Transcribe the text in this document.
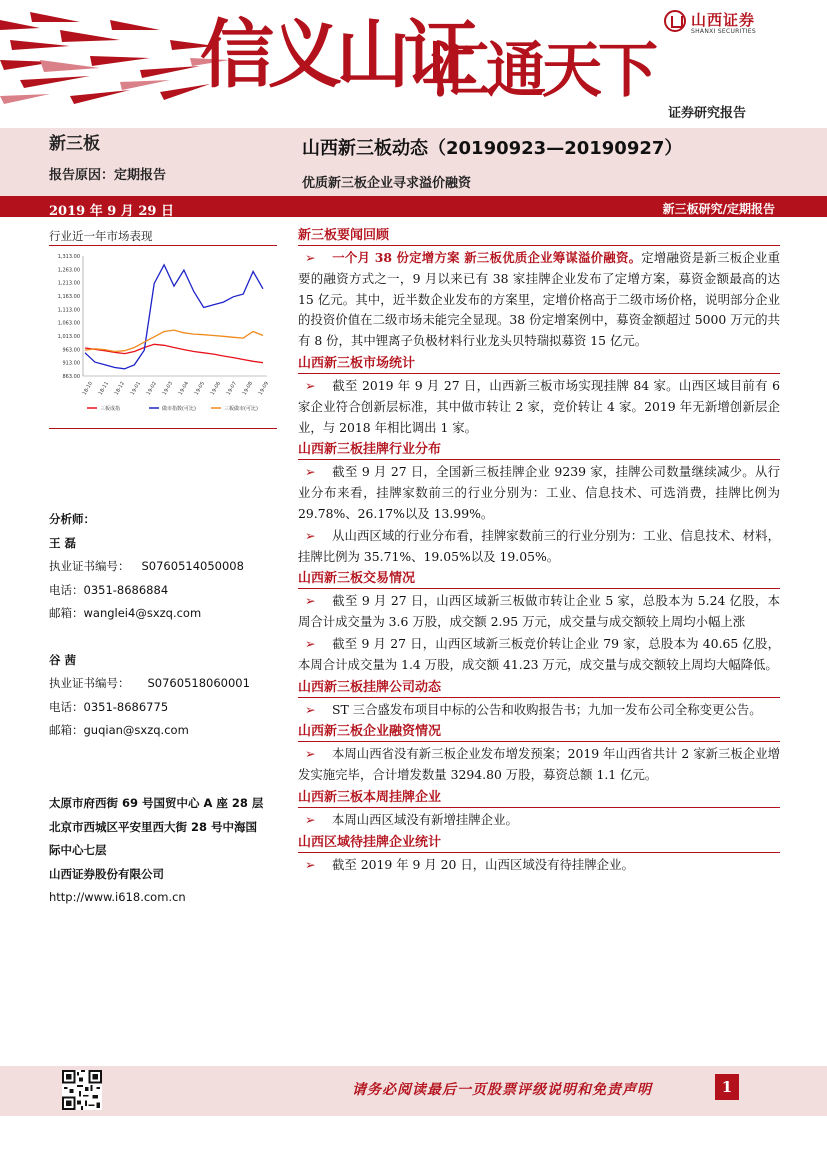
信义山证
汇通天下
山西证券
SHANXI SECURITIES
证券研究报告
新三板
报告原因：定期报告
山西新三板动态（20190923—20190927）
优质新三板企业寻求溢价融资
2019 年 9 月 29 日	新三板研究/定期报告
行业近一年市场表现
1,313.00
1,263.00
1,213.00
1,163.00
1,113.00
1,063.00
1,013.00
963.00
913.00
863.00
18-10 18-11 18-12 19-01 19-02 19-03 19-04 19-05 19-06 19-07 19-08 19-09
三板成指	做市指数(可比)	三板做市(可比)
分析师：
王 磊
执业证书编号： S0760514050008
电话：0351-8686884
邮箱：wanglei4@sxzq.com
谷 茜
执业证书编号： S0760518060001
电话：0351-8686775
邮箱：guqian@sxzq.com
太原市府西街 69 号国贸中心 A 座 28 层
北京市西城区平安里西大街 28 号中海国
际中心七层
山西证券股份有限公司
http://www.i618.com.cn
新三板要闻回顾
➢ 一个月 38 份定增方案 新三板优质企业筹谋溢价融资。定增融资是新三板企业重要的融资方式之一，9 月以来已有 38 家挂牌企业发布了定增方案，募资金额最高的达 15 亿元。其中，近半数企业发布的方案里，定增价格高于二级市场价格，说明部分企业的投资价值在二级市场未能完全显现。38 份定增案例中，募资金额超过 5000 万元的共有 8 份，其中锂离子负极材料行业龙头贝特瑞拟募资 15 亿元。
山西新三板市场统计
➢ 截至 2019 年 9 月 27 日，山西新三板市场实现挂牌 84 家。山西区域目前有 6 家企业符合创新层标准，其中做市转让 2 家，竞价转让 4 家。2019 年无新增创新层企业，与 2018 年相比调出 1 家。
山西新三板挂牌行业分布
➢ 截至 9 月 27 日，全国新三板挂牌企业 9239 家，挂牌公司数量继续减少。从行业分布来看，挂牌家数前三的行业分别为：工业、信息技术、可选消费，挂牌比例为 29.78%、26.17%以及 13.99%。
➢ 从山西区域的行业分布看，挂牌家数前三的行业分别为：工业、信息技术、材料，挂牌比例为 35.71%、19.05%以及 19.05%。
山西新三板交易情况
➢ 截至 9 月 27 日，山西区域新三板做市转让企业 5 家，总股本为 5.24 亿股，本周合计成交量为 3.6 万股，成交额 2.95 万元，成交量与成交额较上周均小幅上涨
➢ 截至 9 月 27 日，山西区域新三板竞价转让企业 79 家，总股本为 40.65 亿股，本周合计成交量为 1.4 万股，成交额 41.23 万元，成交量与成交额较上周均大幅降低。
山西新三板挂牌公司动态
➢ ST 三合盛发布项目中标的公告和收购报告书；九加一发布公司全称变更公告。
山西新三板企业融资情况
➢ 本周山西省没有新三板企业发布增发预案；2019 年山西省共计 2 家新三板企业增发实施完毕，合计增发数量 3294.80 万股，募资总额 1.1 亿元。
山西新三板本周挂牌企业
➢ 本周山西区域没有新增挂牌企业。
山西区域待挂牌企业统计
➢ 截至 2019 年 9 月 20 日，山西区域没有待挂牌企业。
请务必阅读最后一页股票评级说明和免责声明	1
